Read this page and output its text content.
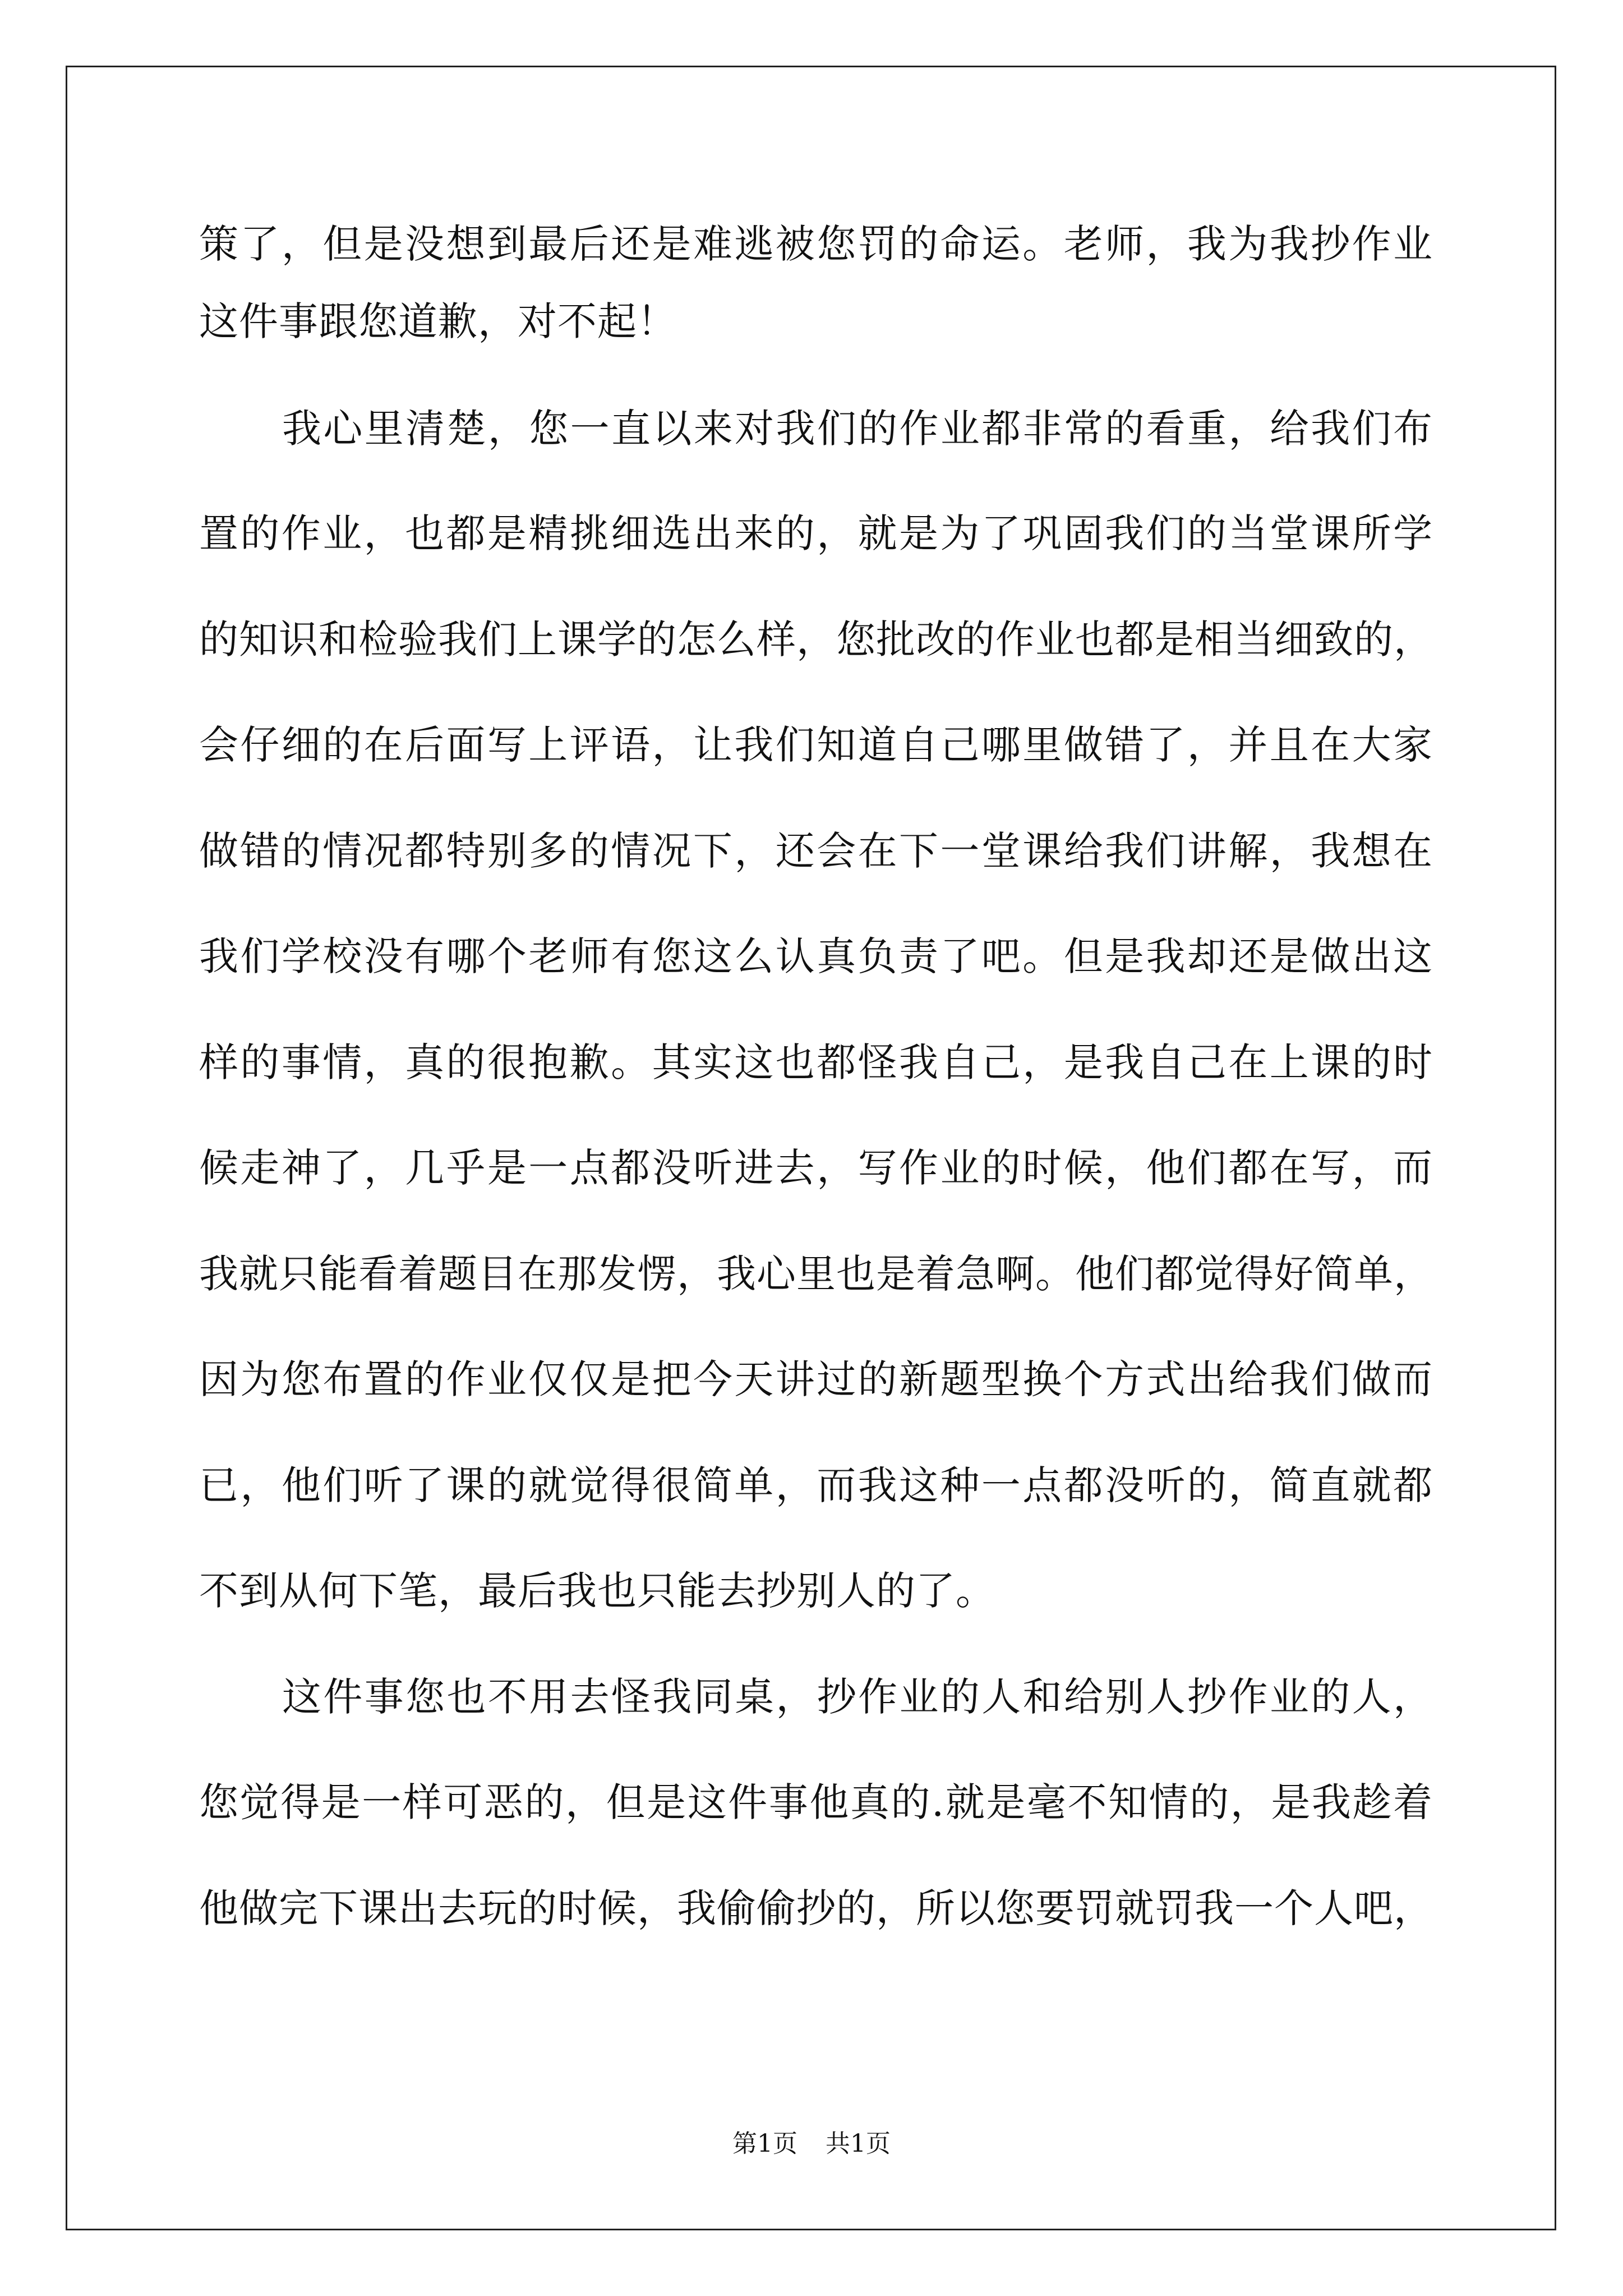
策了，但是没想到最后还是难逃被您罚的命运。老师，我为我抄作业
这件事跟您道歉，对不起！
我心里清楚，您一直以来对我们的作业都非常的看重，给我们布
置的作业，也都是精挑细选出来的，就是为了巩固我们的当堂课所学
的知识和检验我们上课学的怎么样，您批改的作业也都是相当细致的，
会仔细的在后面写上评语，让我们知道自己哪里做错了，并且在大家
做错的情况都特别多的情况下，还会在下一堂课给我们讲解，我想在
我们学校没有哪个老师有您这么认真负责了吧。但是我却还是做出这
样的事情，真的很抱歉。其实这也都怪我自己，是我自己在上课的时
候走神了，几乎是一点都没听进去，写作业的时候，他们都在写，而
我就只能看着题目在那发愣，我心里也是着急啊。他们都觉得好简单，
因为您布置的作业仅仅是把今天讲过的新题型换个方式出给我们做而
已，他们听了课的就觉得很简单，而我这种一点都没听的，简直就都
不到从何下笔，最后我也只能去抄别人的了。
这件事您也不用去怪我同桌，抄作业的人和给别人抄作业的人，
您觉得是一样可恶的，但是这件事他真的.就是毫不知情的，是我趁着
他做完下课出去玩的时候，我偷偷抄的，所以您要罚就罚我一个人吧，
第1页 共1页
